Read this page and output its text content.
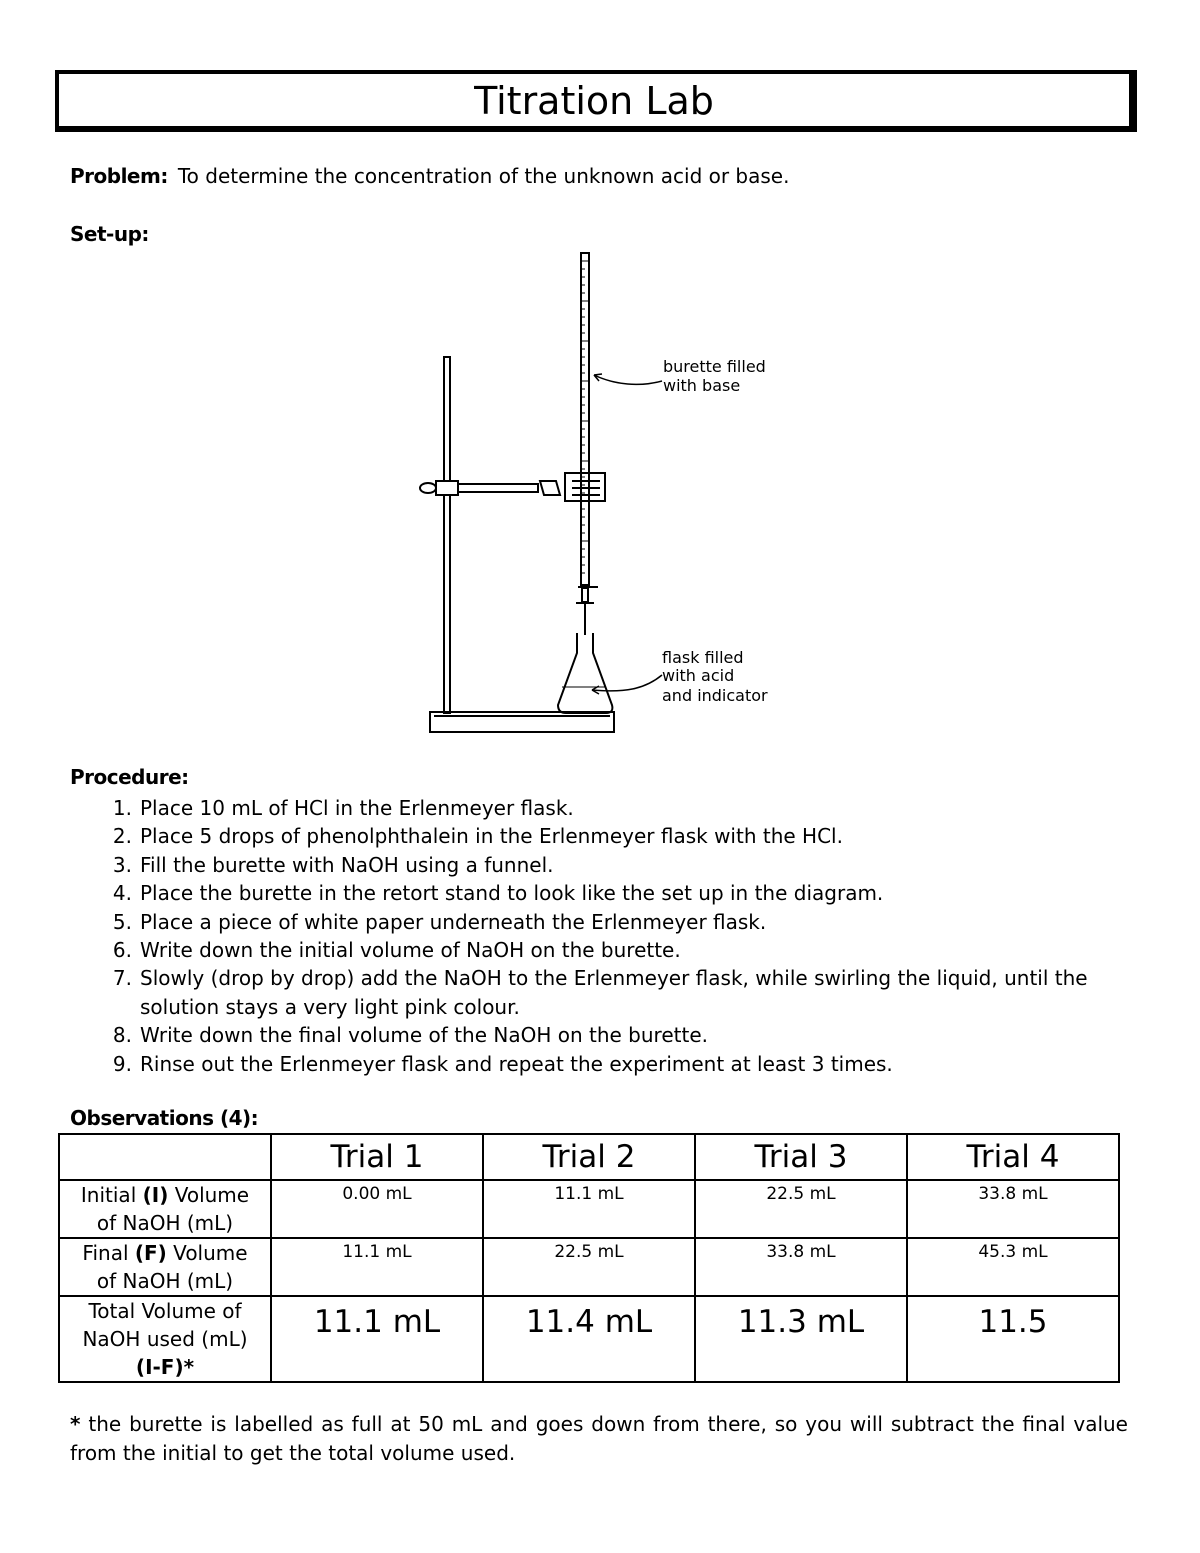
Titration Lab
Problem: To determine the concentration of the unknown acid or base.
Set-up:
burette filled
with base
flask filled
with acid
and indicator
Procedure:
1. Place 10 mL of HCl in the Erlenmeyer flask.
2. Place 5 drops of phenolphthalein in the Erlenmeyer flask with the HCl.
3. Fill the burette with NaOH using a funnel.
4. Place the burette in the retort stand to look like the set up in the diagram.
5. Place a piece of white paper underneath the Erlenmeyer flask.
6. Write down the initial volume of NaOH on the burette.
7. Slowly (drop by drop) add the NaOH to the Erlenmeyer flask, while swirling the liquid, until the solution stays a very light pink colour.
8. Write down the final volume of the NaOH on the burette.
9. Rinse out the Erlenmeyer flask and repeat the experiment at least 3 times.
Observations (4):
	Trial 1	Trial 2	Trial 3	Trial 4
Initial (I) Volume
of NaOH (mL)	0.00 mL	11.1 mL	22.5 mL	33.8 mL
Final (F) Volume
of NaOH (mL)	11.1 mL	22.5 mL	33.8 mL	45.3 mL
Total Volume of
NaOH used (mL)
(I-F)*	11.1 mL	11.4 mL	11.3 mL	11.5
* the burette is labelled as full at 50 mL and goes down from there, so you will subtract the final value from the initial to get the total volume used.
